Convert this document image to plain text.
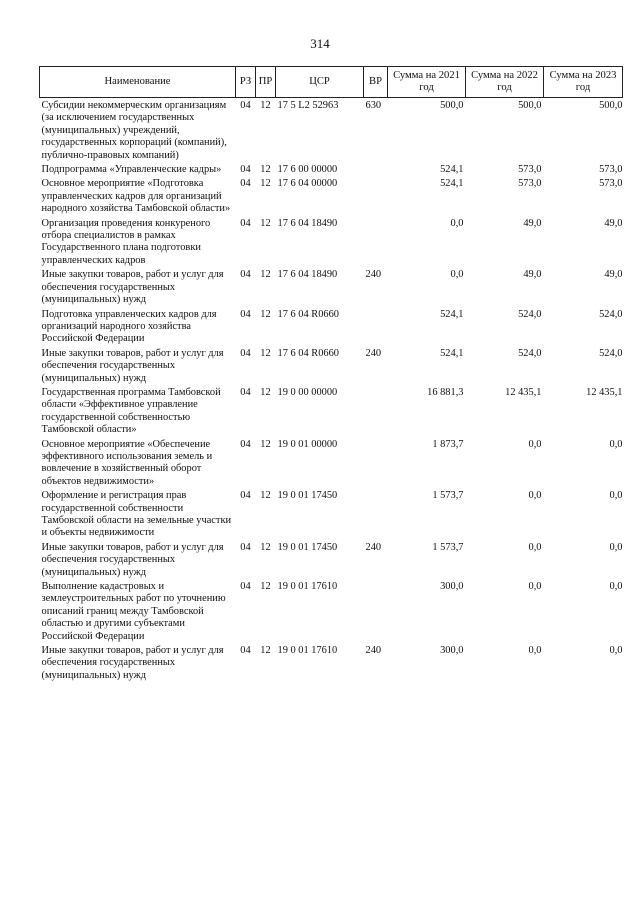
314
Наименование	РЗ	ПР	ЦСР	ВР	Сумма на 2021 год	Сумма на 2022 год	Сумма на 2023 год
Субсидии некоммерческим организациям (за исключением государственных (муниципальных) учреждений, государственных корпораций (компаний), публично-правовых компаний)	04	12	17 5 L2 52963	630	500,0	500,0	500,0
Подпрограмма «Управленческие кадры»	04	12	17 6 00 00000		524,1	573,0	573,0
Основное мероприятие «Подготовка управленческих кадров для организаций народного хозяйства Тамбовской области»	04	12	17 6 04 00000		524,1	573,0	573,0
Организация проведения конкуреного отбора специалистов в рамках Государственного плана подготовки управленческих кадров	04	12	17 6 04 18490		0,0	49,0	49,0
Иные закупки товаров, работ и услуг для обеспечения государственных (муниципальных) нужд	04	12	17 6 04 18490	240	0,0	49,0	49,0
Подготовка управленческих кадров для организаций народного хозяйства Российской Федерации	04	12	17 6 04 R0660		524,1	524,0	524,0
Иные закупки товаров, работ и услуг для обеспечения государственных (муниципальных) нужд	04	12	17 6 04 R0660	240	524,1	524,0	524,0
Государственная программа Тамбовской области «Эффективное управление государственной собственностью Тамбовской области»	04	12	19 0 00 00000		16 881,3	12 435,1	12 435,1
Основное мероприятие «Обеспечение эффективного использования земель и вовлечение в хозяйственный оборот объектов недвижимости»	04	12	19 0 01 00000		1 873,7	0,0	0,0
Оформление и регистрация прав государственной собственности Тамбовской области на земельные участки и объекты недвижимости	04	12	19 0 01 17450		1 573,7	0,0	0,0
Иные закупки товаров, работ и услуг для обеспечения государственных (муниципальных) нужд	04	12	19 0 01 17450	240	1 573,7	0,0	0,0
Выполнение кадастровых и землеустроительных работ по уточнению описаний границ между Тамбовской областью и другими субъектами Российской Федерации	04	12	19 0 01 17610		300,0	0,0	0,0
Иные закупки товаров, работ и услуг для обеспечения государственных (муниципальных) нужд	04	12	19 0 01 17610	240	300,0	0,0	0,0
